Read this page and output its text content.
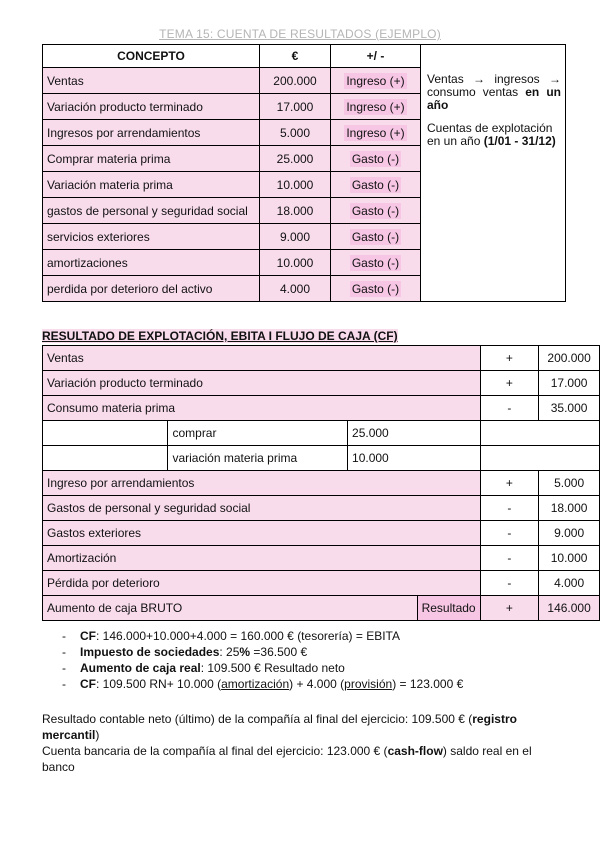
TEMA 15: CUENTA DE RESULTADOS (EJEMPLO)
CONCEPTO	€	+/ -	Ventas → ingresos → consumo ventas en un año

Cuentas de explotación en un año (1/01 - 31/12)

Ventas	200.000	Ingreso (+)	
Variación producto terminado	17.000	Ingreso (+)	
Ingresos por arrendamientos	5.000	Ingreso (+)	
Comprar materia prima	25.000	Gasto (-)	
Variación materia prima	10.000	Gasto (-)	
gastos de personal y seguridad social	18.000	Gasto (-)	
servicios exteriores	9.000	Gasto (-)	
amortizaciones	10.000	Gasto (-)	
perdida por deterioro del activo	4.000	Gasto (-)	
RESULTADO DE EXPLOTACIÓN, EBITA I FLUJO DE CAJA (CF)
Ventas				+	200.000
Variación producto terminado				+	17.000
Consumo materia prima				-	35.000
	comprar	25.000			
	variación materia prima	10.000			
Ingreso por arrendamientos				+	5.000
Gastos de personal y seguridad social				-	18.000
Gastos exteriores				-	9.000
Amortización				-	10.000
Pérdida por deterioro				-	4.000
Aumento de caja BRUTO			Resultado	+	146.000
- CF: 146.000+10.000+4.000 = 160.000 € (tesorería) = EBITA
- Impuesto de sociedades: 25% =36.500 €
- Aumento de caja real: 109.500 € Resultado neto
- CF: 109.500 RN+ 10.000 (amortización) + 4.000 (provisión) = 123.000 €

Resultado contable neto (último) de la compañía al final del ejercicio: 109.500 € (registro mercantil)

Cuenta bancaria de la compañía al final del ejercicio: 123.000 € (cash-flow) saldo real en el banco
